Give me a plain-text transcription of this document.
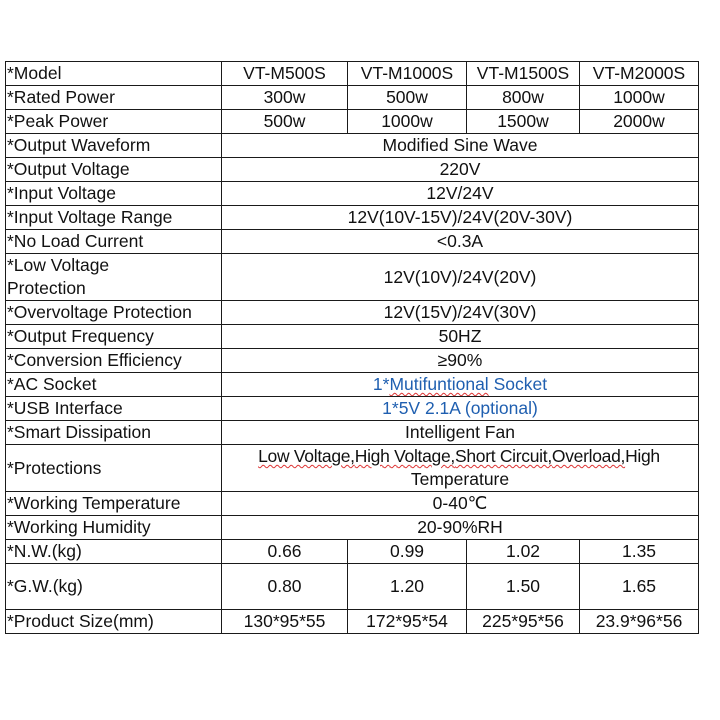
*Model	VT-M500S	VT-M1000S	VT-M1500S	VT-M2000S
*Rated Power	300w	500w	800w	1000w
*Peak Power	500w	1000w	1500w	2000w
*Output Waveform	Modified Sine Wave			
*Output Voltage	220V			
*Input Voltage	12V/24V			
*Input Voltage Range	12V(10V-15V)/24V(20V-30V)			
*No Load Current	<0.3A			
*Low Voltage
Protection	12V(10V)/24V(20V)			
*Overvoltage Protection	12V(15V)/24V(30V)			
*Output Frequency	50HZ			
*Conversion Efficiency	≥90%			
*AC Socket	1*Mutifuntional Socket			
*USB Interface	1*5V 2.1A (optional)			
*Smart Dissipation	Intelligent Fan			
*Protections	Low Voltage,High Voltage,Short Circuit,Overload,High
Temperature			

*Working Temperature	0-40℃			
*Working Humidity	20-90%RH			
*N.W.(kg)	0.66	0.99	1.02	1.35
*G.W.(kg)	0.80	1.20	1.50	1.65
*Product Size(mm)	130*95*55	172*95*54	225*95*56	23.9*96*56
